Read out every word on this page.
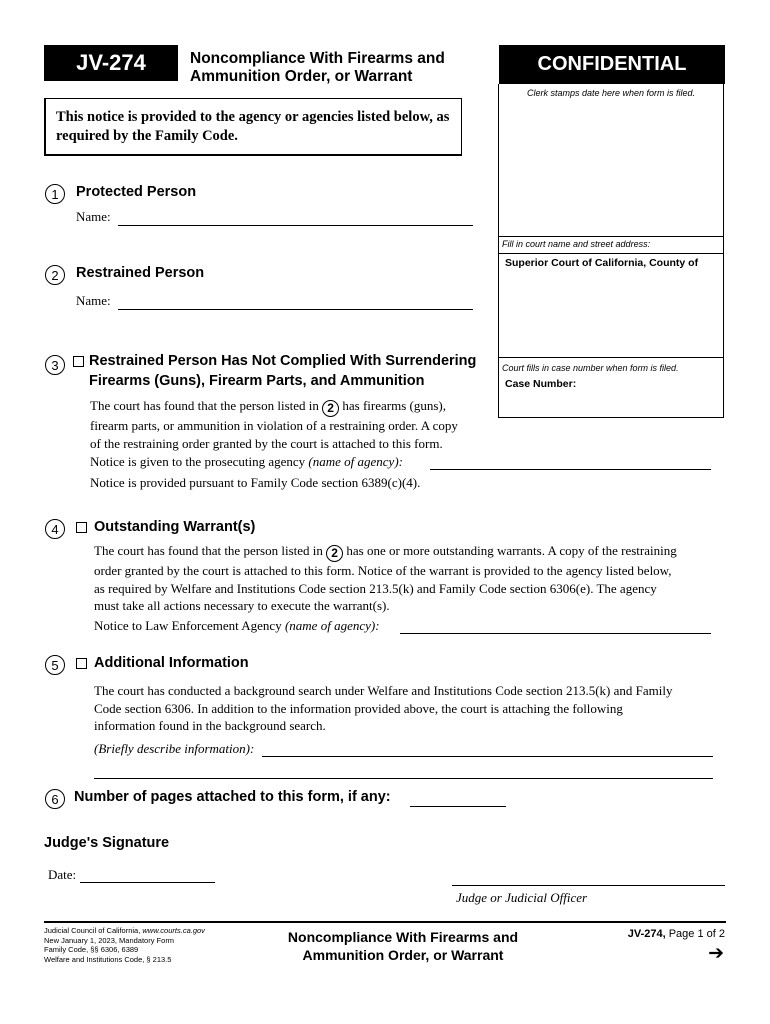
JV-274	Noncompliance With Firearms and
Ammunition Order, or Warrant
CONFIDENTIAL
Clerk stamps date here when form is filed.
Fill in court name and street address:
Superior Court of California, County of
Court fills in case number when form is filed.
Case Number:
This notice is provided to the agency or agencies listed below, as required by the Family Code.
1	Protected Person
Name:
2	Restrained Person
Name:
3	Restrained Person Has Not Complied With Surrendering
Firearms (Guns), Firearm Parts, and Ammunition
The court has found that the person listed in 2 has firearms (guns),
firearm parts, or ammunition in violation of a restraining order. A copy
of the restraining order granted by the court is attached to this form.
Notice is given to the prosecuting agency (name of agency):
Notice is provided pursuant to Family Code section 6389(c)(4).
4	Outstanding Warrant(s)
The court has found that the person listed in 2 has one or more outstanding warrants. A copy of the restraining
order granted by the court is attached to this form. Notice of the warrant is provided to the agency listed below,
as required by Welfare and Institutions Code section 213.5(k) and Family Code section 6306(e). The agency
must take all actions necessary to execute the warrant(s).
Notice to Law Enforcement Agency (name of agency):
5	Additional Information
The court has conducted a background search under Welfare and Institutions Code section 213.5(k) and Family
Code section 6306. In addition to the information provided above, the court is attaching the following
information found in the background search.
(Briefly describe information):
6	Number of pages attached to this form, if any:
Judge's Signature
Date:
Judge or Judicial Officer
Judicial Council of California, www.courts.ca.gov
New January 1, 2023, Mandatory Form
Family Code, §§ 6306, 6389
Welfare and Institutions Code, § 213.5
Noncompliance With Firearms and
Ammunition Order, or Warrant
JV-274, Page 1 of 2
➔
